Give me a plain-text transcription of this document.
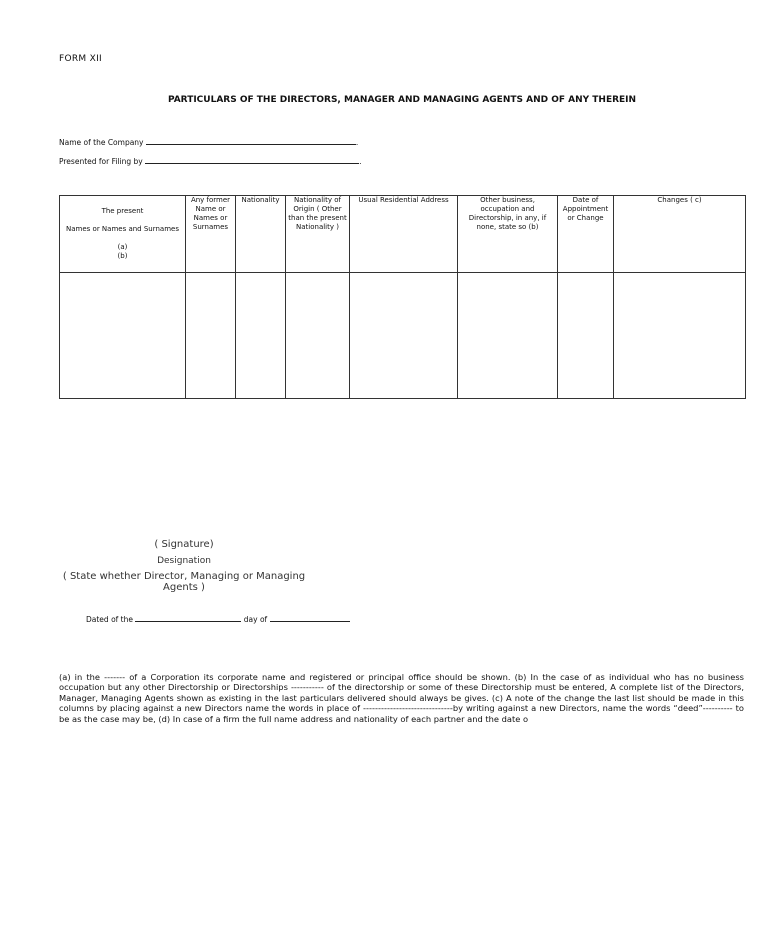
FORM XII
PARTICULARS OF THE DIRECTORS, MANAGER AND MANAGING AGENTS AND OF ANY THEREIN
Name of the Company	.
Presented for Filing by	.
The present
Names or Names and Surnames
(a)
(b)	Any former Name or Names or Surnames	Nationality	Nationality of Origin ( Other than the present Nationality )	Usual Residential Address	Other business, occupation and Directorship, in any, if none, state so (b)	Date of Appointment or Change	Changes ( c)

( Signature)
Designation
( State whether Director, Managing or Managing Agents )
Dated of the	day of
(a) in the ------- of a Corporation its corporate name and registered or principal office should be shown. (b) In the case of as individual who has no business occupation but any other Directorship or Directorships ----------- of the directorship or some of these Directorship must be entered, A complete list of the Directors, Manager, Managing Agents shown as existing in the last particulars delivered should always be gives. (c) A note of the change the last list should be made in this columns by placing against a new Directors name the words in place of ------------------------------by writing against a new Directors, name the words “deed”---------- to be as the case may be, (d) In case of a firm the full name address and nationality of each partner and the date o
